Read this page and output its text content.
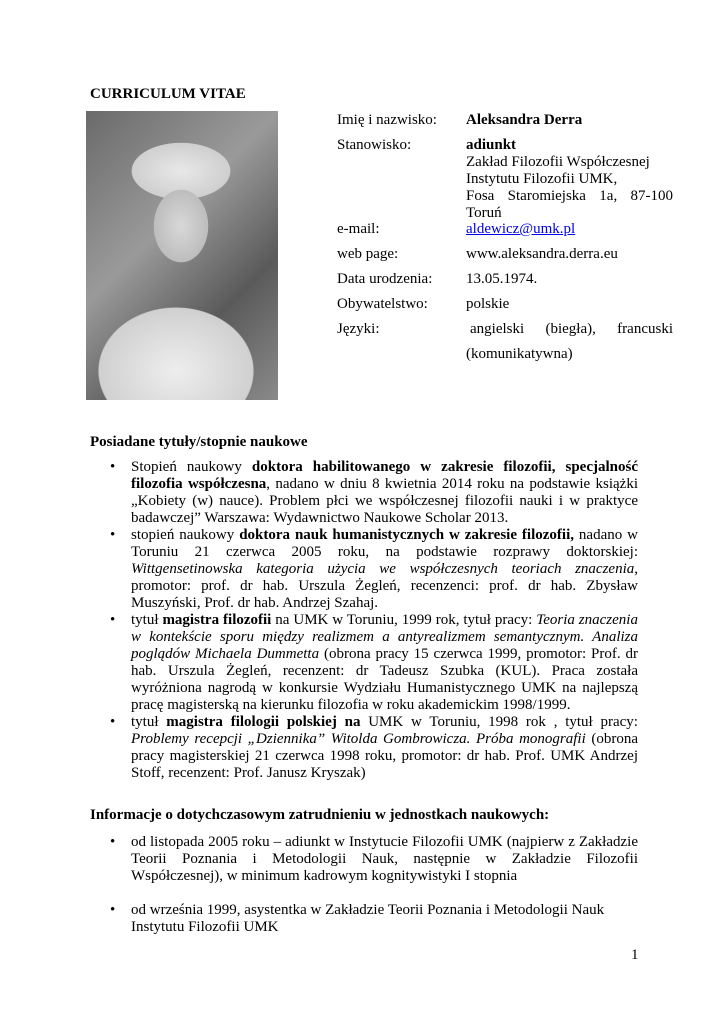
CURRICULUM VITAE
Imię i nazwisko: Aleksandra Derra
Stanowisko:	adiunkt
Zakład Filozofii Współczesnej
Instytutu Filozofii UMK,

Fosa Staromiejska 1a, 87-100
Toruń
e-mail:	aldewicz@umk.pl
web page:	www.aleksandra.derra.eu
Data urodzenia: 13.05.1974.
Obywatelstwo:	polskie
Języki:	angielski (biegła), francuski
(komunikatywna)
Posiadane tytuły/stopnie naukowe
• Stopień naukowy doktora habilitowanego w zakresie filozofii, specjalność filozofia współczesna, nadano w dniu 8 kwietnia 2014 roku na podstawie książki „Kobiety (w) nauce). Problem płci we współczesnej filozofii nauki i w praktyce badawczej” Warszawa: Wydawnictwo Naukowe Scholar 2013.
• stopień naukowy doktora nauk humanistycznych w zakresie filozofii, nadano w Toruniu 21 czerwca 2005 roku, na podstawie rozprawy doktorskiej: Wittgensetinowska kategoria użycia we współczesnych teoriach znaczenia, promotor: prof. dr hab. Urszula Żegleń, recenzenci: prof. dr hab. Zbysław Muszyński, Prof. dr hab. Andrzej Szahaj.
• tytuł magistra filozofii na UMK w Toruniu, 1999 rok, tytuł pracy: Teoria znaczenia w kontekście sporu między realizmem a antyrealizmem semantycznym. Analiza poglądów Michaela Dummetta (obrona pracy 15 czerwca 1999, promotor: Prof. dr hab. Urszula Żegleń, recenzent: dr Tadeusz Szubka (KUL). Praca została wyróżniona nagrodą w konkursie Wydziału Humanistycznego UMK na najlepszą pracę magisterską na kierunku filozofia w roku akademickim 1998/1999.
• tytuł magistra filologii polskiej na UMK w Toruniu, 1998 rok , tytuł pracy: Problemy recepcji „Dziennika” Witolda Gombrowicza. Próba monografii (obrona pracy magisterskiej 21 czerwca 1998 roku, promotor: dr hab. Prof. UMK Andrzej Stoff, recenzent: Prof. Janusz Kryszak)
Informacje o dotychczasowym zatrudnieniu w jednostkach naukowych:
• od listopada 2005 roku – adiunkt w Instytucie Filozofii UMK (najpierw z Zakładzie Teorii Poznania i Metodologii Nauk, następnie w Zakładzie Filozofii Współczesnej), w minimum kadrowym kognitywistyki I stopnia
• od września 1999, asystentka w Zakładzie Teorii Poznania i Metodologii Nauk Instytutu Filozofii UMK
1
